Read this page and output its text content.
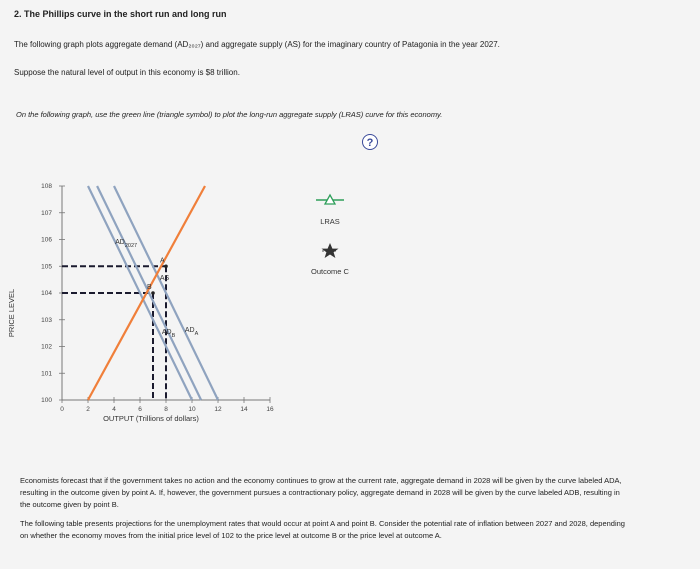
2. The Phillips curve in the short run and long run
The following graph plots aggregate demand (AD₂₀₂₇) and aggregate supply (AS) for the imaginary country of Patagonia in the year 2027.
Suppose the natural level of output in this economy is $8 trillion.
On the following graph, use the green line (triangle symbol) to plot the long-run aggregate supply (LRAS) curve for this economy.
?
100
101
102
103
104
105
106
107
108
0	2	4	6	8	10	12	14	16
OUTPUT (Trillions of dollars)
PRICE LEVEL
$AD_{2027}$
$AD_A$
$AD_B$
AS
A
B
LRAS
Outcome C
Economists forecast that if the government takes no action and the economy continues to grow at the current rate, aggregate demand in 2028 will be given by the curve labeled ADA, resulting in the outcome given by point A. If, however, the government pursues a contractionary policy, aggregate demand in 2028 will be given by the curve labeled ADB, resulting in the outcome given by point B.
The following table presents projections for the unemployment rates that would occur at point A and point B. Consider the potential rate of inflation between 2027 and 2028, depending on whether the economy moves from the initial price level of 102 to the price level at outcome B or the price level at outcome A.
